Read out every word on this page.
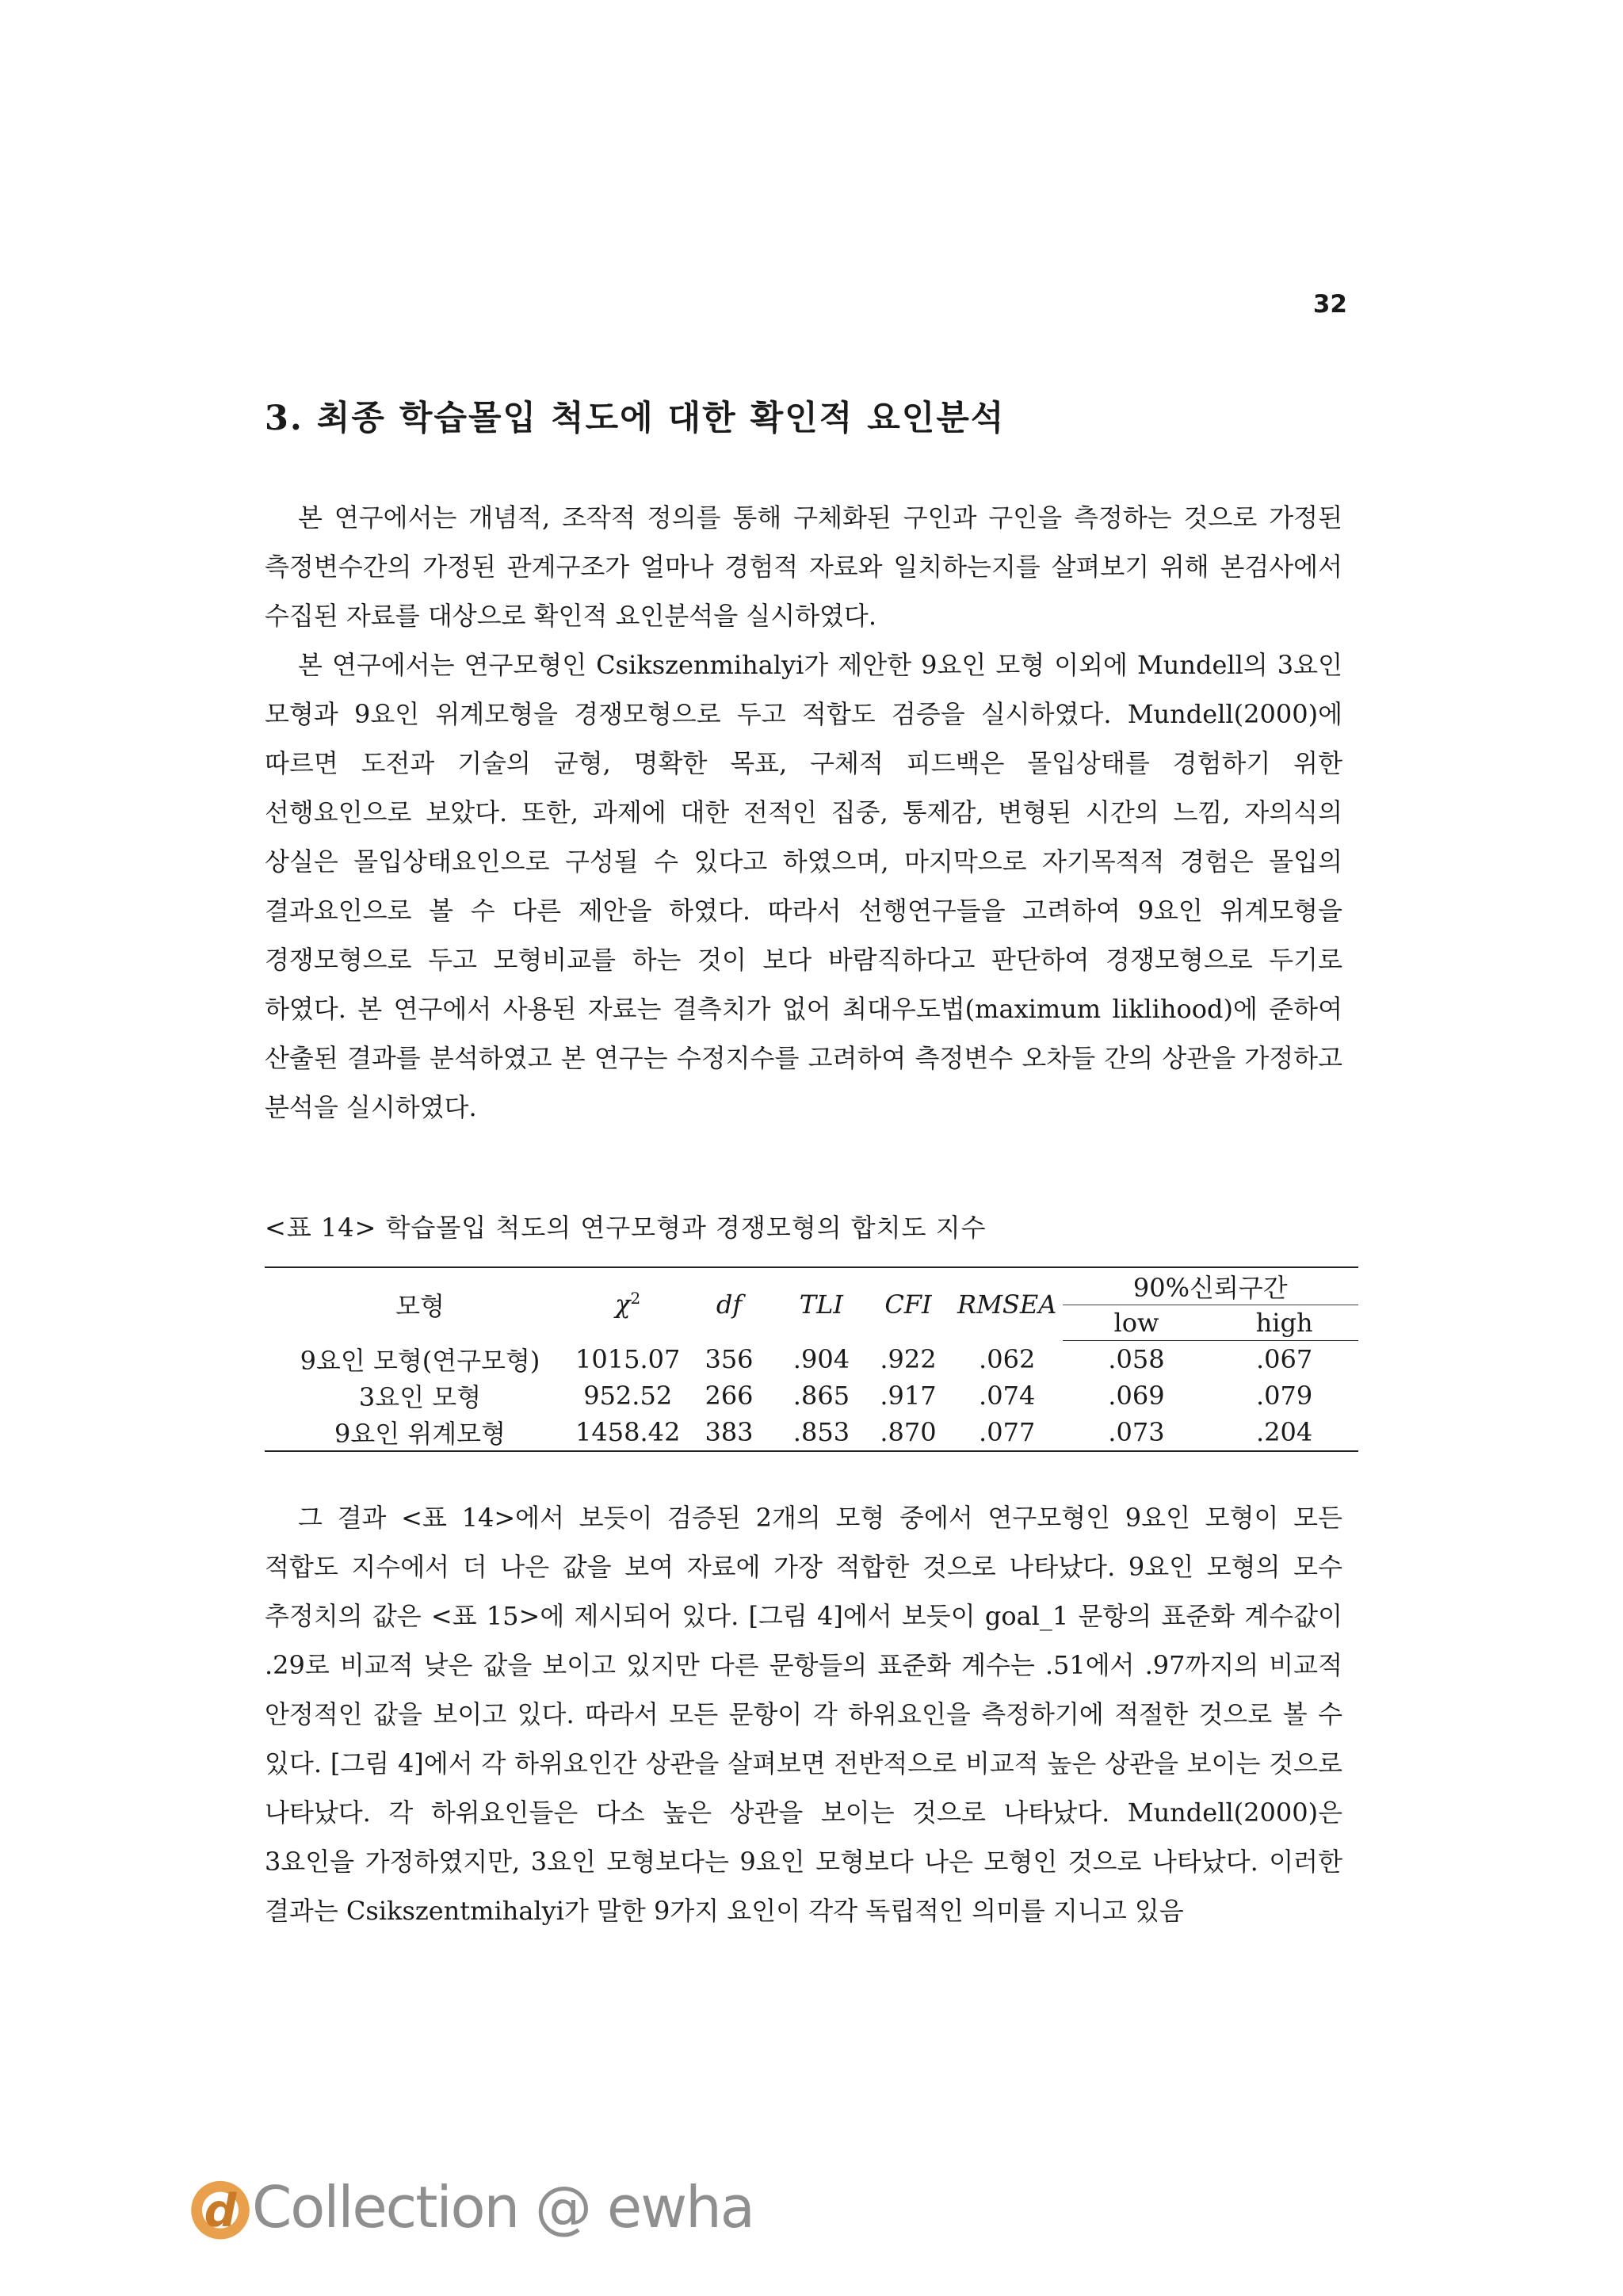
32
3. 최종 학습몰입 척도에 대한 확인적 요인분석

본 연구에서는 개념적, 조작적 정의를 통해 구체화된 구인과 구인을 측정하는 것으로 가정된 측정변수간의 가정된 관계구조가 얼마나 경험적 자료와 일치하는지를 살펴보기 위해 본검사에서 수집된 자료를 대상으로 확인적 요인분석을 실시하였다.

본 연구에서는 연구모형인 Csikszenmihalyi가 제안한 9요인 모형 이외에 Mundell의 3요인 모형과 9요인 위계모형을 경쟁모형으로 두고 적합도 검증을 실시하였다. Mundell(2000)에 따르면 도전과 기술의 균형, 명확한 목표, 구체적 피드백은 몰입상태를 경험하기 위한 선행요인으로 보았다. 또한, 과제에 대한 전적인 집중, 통제감, 변형된 시간의 느낌, 자의식의 상실은 몰입상태요인으로 구성될 수 있다고 하였으며, 마지막으로 자기목적적 경험은 몰입의 결과요인으로 볼 수 다른 제안을 하였다. 따라서 선행연구들을 고려하여 9요인 위계모형을 경쟁모형으로 두고 모형비교를 하는 것이 보다 바람직하다고 판단하여 경쟁모형으로 두기로 하였다. 본 연구에서 사용된 자료는 결측치가 없어 최대우도법(maximum liklihood)에 준하여 산출된 결과를 분석하였고 본 연구는 수정지수를 고려하여 측정변수 오차들 간의 상관을 가정하고 분석을 실시하였다.

<표 14> 학습몰입 척도의 연구모형과 경쟁모형의 합치도 지수
모형	$\chi^2$	df	TLI	CFI	RMSEA	90%신뢰구간	
						low	high
9요인 모형(연구모형)	1015.07	356	.904	.922	.062	.058	.067
3요인 모형	952.52	266	.865	.917	.074	.069	.079
9요인 위계모형	1458.42	383	.853	.870	.077	.073	.204

그 결과 <표 14>에서 보듯이 검증된 2개의 모형 중에서 연구모형인 9요인 모형이 모든 적합도 지수에서 더 나은 값을 보여 자료에 가장 적합한 것으로 나타났다. 9요인 모형의 모수 추정치의 값은 <표 15>에 제시되어 있다. [그림 4]에서 보듯이 goal_1 문항의 표준화 계수값이 .29로 비교적 낮은 값을 보이고 있지만 다른 문항들의 표준화 계수는 .51에서 .97까지의 비교적 안정적인 값을 보이고 있다. 따라서 모든 문항이 각 하위요인을 측정하기에 적절한 것으로 볼 수 있다. [그림 4]에서 각 하위요인간 상관을 살펴보면 전반적으로 비교적 높은 상관을 보이는 것으로 나타났다. 각 하위요인들은 다소 높은 상관을 보이는 것으로 나타났다. Mundell(2000)은 3요인을 가정하였지만, 3요인 모형보다는 9요인 모형보다 나은 모형인 것으로 나타났다. 이러한 결과는 Csikszentmihalyi가 말한 9가지 요인이 각각 독립적인 의미를 지니고 있음

d Collection @ ewha
